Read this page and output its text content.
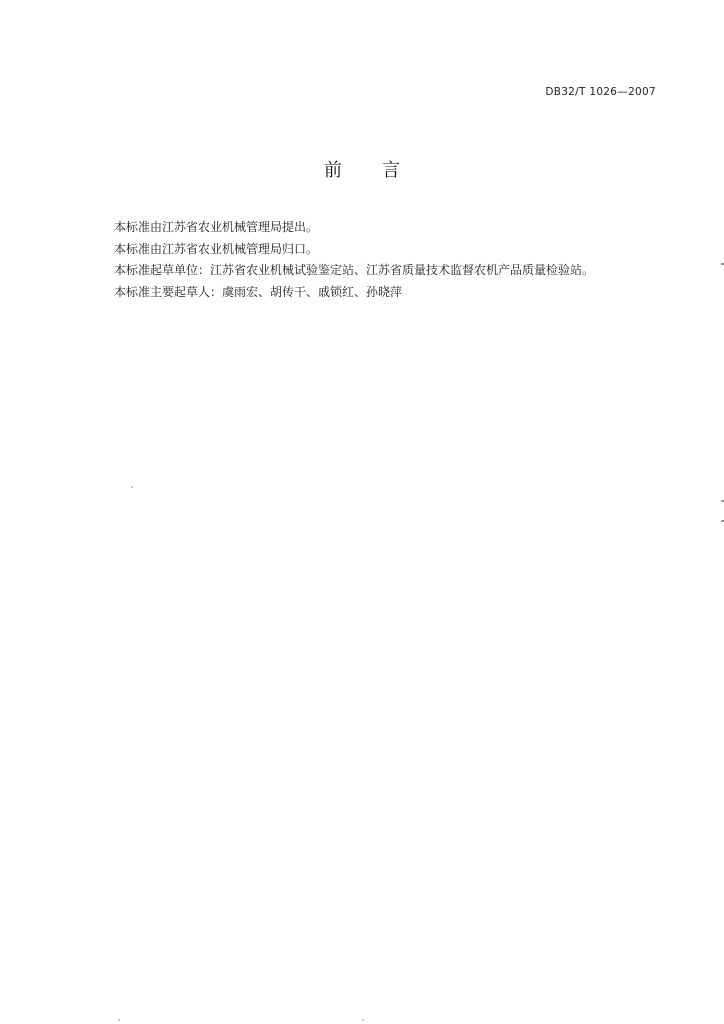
DB32/T 1026—2007
前 言

本标准由江苏省农业机械管理局提出。

本标准由江苏省农业机械管理局归口。

本标准起草单位：江苏省农业机械试验鉴定站、江苏省质量技术监督农机产品质量检验站。

本标准主要起草人：虞雨宏、胡传干、戚锁红、孙晓萍
